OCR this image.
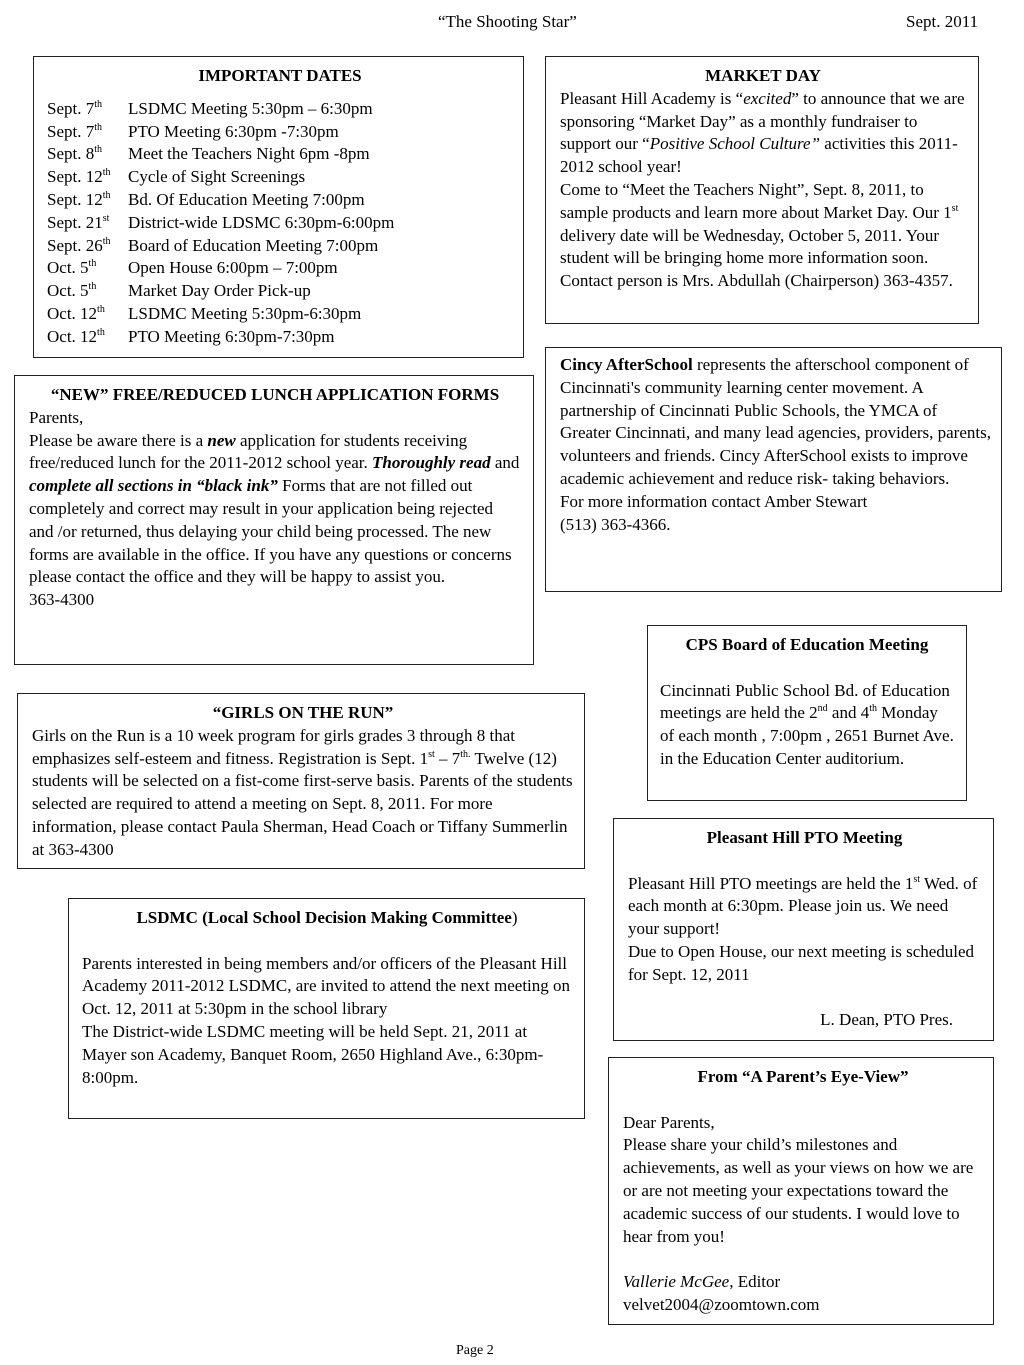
“The Shooting Star”	Sept. 2011
IMPORTANT DATES
Sept. 7th LSDMC Meeting 5:30pm – 6:30pm
Sept. 7th PTO Meeting 6:30pm -7:30pm
Sept. 8th Meet the Teachers Night 6pm -8pm
Sept. 12th Cycle of Sight Screenings
Sept. 12th Bd. Of Education Meeting 7:00pm
Sept. 21st District-wide LDSMC 6:30pm-6:00pm
Sept. 26th Board of Education Meeting 7:00pm
Oct. 5th Open House 6:00pm – 7:00pm
Oct. 5th Market Day Order Pick-up
Oct. 12th LSDMC Meeting 5:30pm-6:30pm
Oct. 12th PTO Meeting 6:30pm-7:30pm
MARKET DAY

Pleasant Hill Academy is “excited” to announce that we are sponsoring “Market Day” as a monthly fundraiser to support our “Positive School Culture” activities this 2011-2012 school year!

Come to “Meet the Teachers Night”, Sept. 8, 2011, to sample products and learn more about Market Day. Our 1st delivery date will be Wednesday, October 5, 2011. Your student will be bringing home more information soon. Contact person is Mrs. Abdullah (Chairperson) 363-4357.

“NEW” FREE/REDUCED LUNCH APPLICATION FORMS

Parents,

Please be aware there is a new application for students receiving free/reduced lunch for the 2011-2012 school year. Thoroughly read and complete all sections in “black ink” Forms that are not filled out completely and correct may result in your application being rejected and /or returned, thus delaying your child being processed. The new forms are available in the office. If you have any questions or concerns please contact the office and they will be happy to assist you.

363-4300

Cincy AfterSchool represents the afterschool component of Cincinnati's community learning center movement. A partnership of Cincinnati Public Schools, the YMCA of Greater Cincinnati, and many lead agencies, providers, parents, volunteers and friends. Cincy AfterSchool exists to improve academic achievement and reduce risk- taking behaviors.

For more information contact Amber Stewart

(513) 363-4366.

CPS Board of Education Meeting

Cincinnati Public School Bd. of Education meetings are held the 2nd and 4th Monday of each month , 7:00pm , 2651 Burnet Ave. in the Education Center auditorium.

“GIRLS ON THE RUN”

Girls on the Run is a 10 week program for girls grades 3 through 8 that emphasizes self-esteem and fitness. Registration is Sept. $1st - 7^{th.}$ Twelve (12) students will be selected on a fist-come first-serve basis. Parents of the students selected are required to attend a meeting on Sept. 8, 2011. For more information, please contact Paula Sherman, Head Coach or Tiffany Summerlin at 363-4300

Pleasant Hill PTO Meeting

Pleasant Hill PTO meetings are held the 1st Wed. of each month at 6:30pm. Please join us. We need your support!

Due to Open House, our next meeting is scheduled for Sept. 12, 2011

L. Dean, PTO Pres.

LSDMC (Local School Decision Making Committee)

Parents interested in being members and/or officers of the Pleasant Hill Academy 2011-2012 LSDMC, are invited to attend the next meeting on Oct. 12, 2011 at 5:30pm in the school library

The District-wide LSDMC meeting will be held Sept. 21, 2011 at Mayer son Academy, Banquet Room, 2650 Highland Ave., 6:30pm-8:00pm.	From “A Parent’s Eye-View”

Dear Parents,

Please share your child’s milestones and achievements, as well as your views on how we are or are not meeting your expectations toward the academic success of our students. I would love to hear from you!

Vallerie McGee, Editor

velvet2004@zoomtown.com

Page 2
